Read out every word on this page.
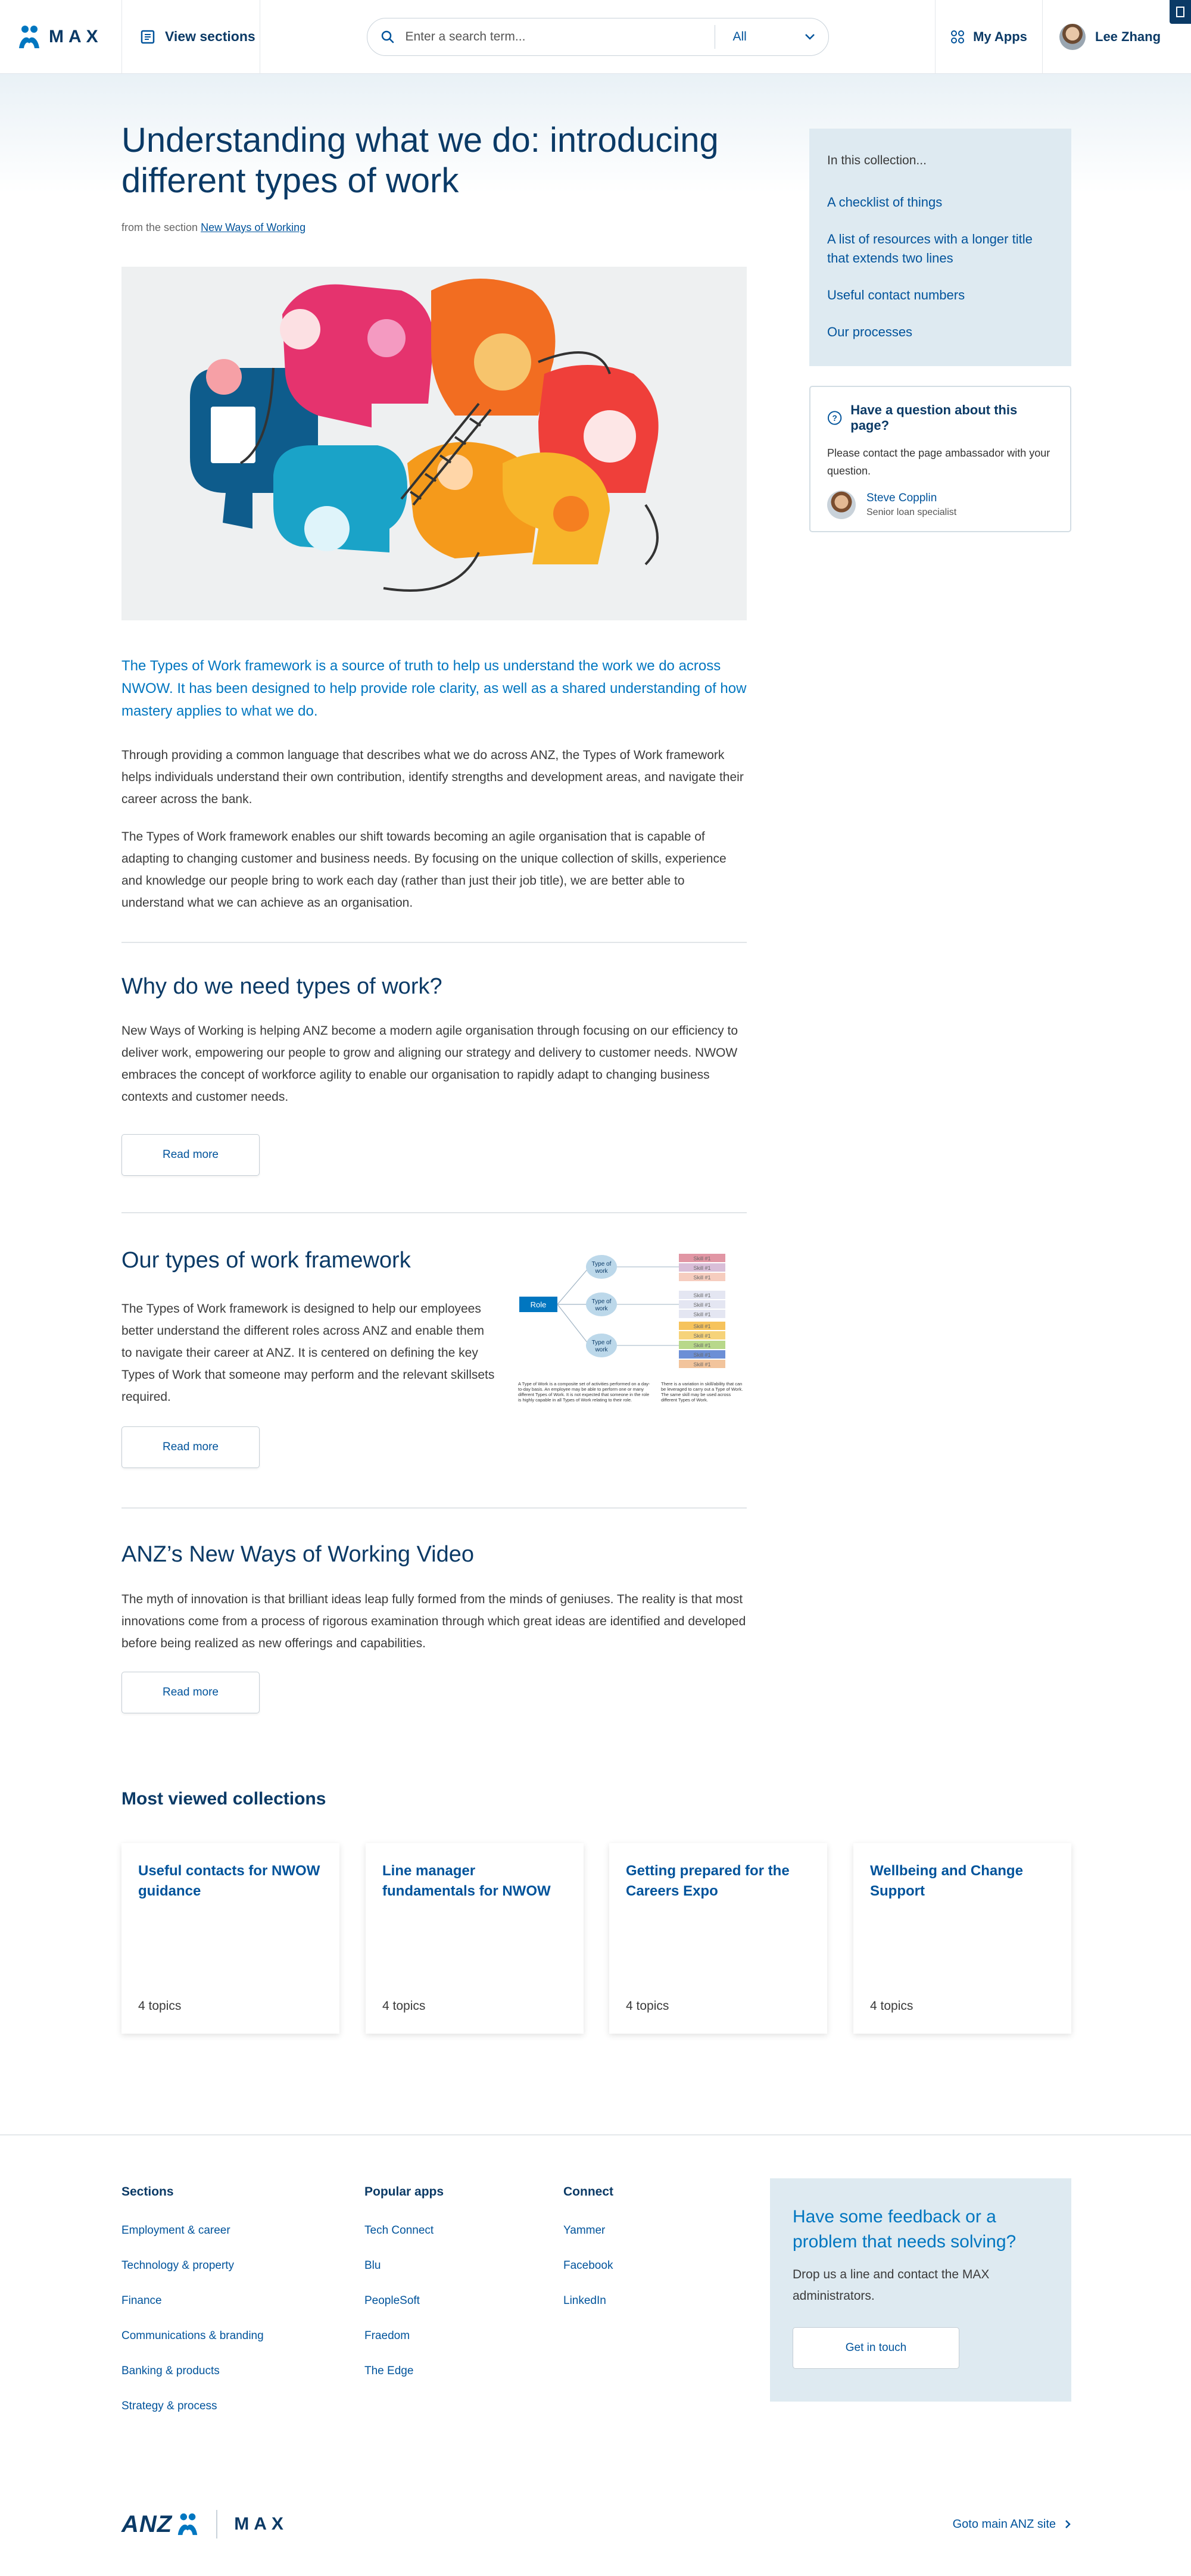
MAX	View sections
Enter a search term...	All	My Apps	Lee Zhang
Understanding what we do: introducing different types of work
from the section New Ways of Working

The Types of Work framework is a source of truth to help us understand the work we do across NWOW. It has been designed to help provide role clarity, as well as a shared understanding of how mastery applies to what we do.

Through providing a common language that describes what we do across ANZ, the Types of Work framework helps individuals understand their own contribution, identify strengths and development areas, and navigate their career across the bank.

The Types of Work framework enables our shift towards becoming an agile organisation that is capable of adapting to changing customer and business needs. By focusing on the unique collection of skills, experience and knowledge our people bring to work each day (rather than just their job title), we are better able to understand what we can achieve as an organisation.

Why do we need types of work?

New Ways of Working is helping ANZ become a modern agile organisation through focusing on our efficiency to deliver work, empowering our people to grow and aligning our strategy and delivery to customer needs. NWOW embraces the concept of workforce agility to enable our organisation to rapidly adapt to changing business contexts and customer needs.

Read more
Our types of work framework

The Types of Work framework is designed to help our employees better understand the different roles across ANZ and enable them to navigate their career at ANZ. It is centered on defining the key Types of Work that someone may perform and the relevant skillsets required.

Role
Type of
work
Type of
work
Type of
work
Skill #1
Skill #1
Skill #1
Skill #1
Skill #1
Skill #1
Skill #1
Skill #1
Skill #1
Skill #1
Skill #1
A Type of Work is a composite set of activities performed on a day-to-day basis. An employee may be able to perform one or many different Types of Work. It is not expected that someone in the role is highly capable in all Types of Work relating to their role.
There is a variation in skill/ability that can be leveraged to carry out a Type of Work. The same skill may be used across different Types of Work.
Read more
ANZ’s New Ways of Working Video

The myth of innovation is that brilliant ideas leap fully formed from the minds of geniuses. The reality is that most innovations come from a process of rigorous examination through which great ideas are identified and developed before being realized as new offerings and capabilities.

Read more
In this collection...
A checklist of things
A list of resources with a longer title that extends two lines
Useful contact numbers
Our processes
?
Have a question about this page?
Please contact the page ambassador with your question.
Steve Copplin
Senior loan specialist
Most viewed collections
Useful contacts for NWOW guidance
4 topics
Line manager fundamentals for NWOW
4 topics
Getting prepared for the Careers Expo
4 topics
Wellbeing and Change Support
4 topics
Sections
Employment & career
Technology & property
Finance
Communications & branding
Banking & products
Strategy & process
Popular apps
Tech Connect
Blu
PeopleSoft
Fraedom
The Edge
Connect
Yammer
Facebook
LinkedIn
Have some feedback or a problem that needs solving?
Drop us a line and contact the MAX administrators.
Get in touch
ANZ	MAX	Goto main ANZ site
